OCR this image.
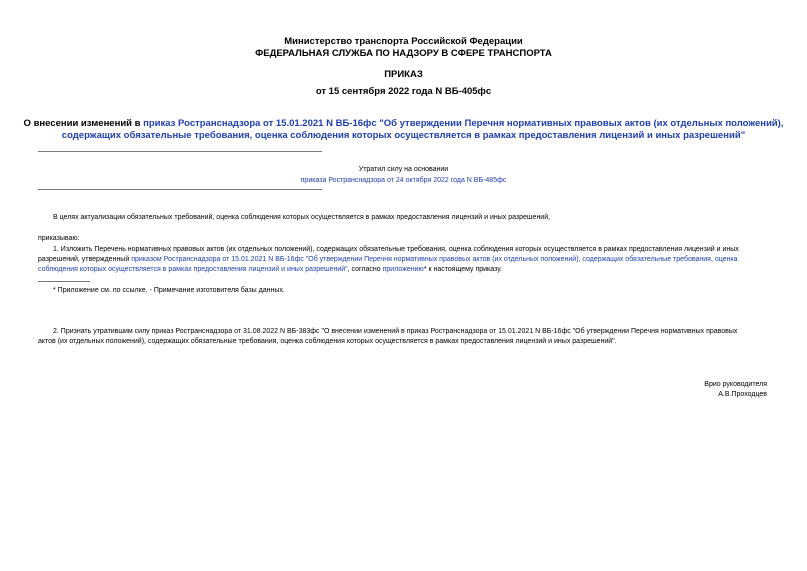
Министерство транспорта Российской Федерации
ФЕДЕРАЛЬНАЯ СЛУЖБА ПО НАДЗОРУ В СФЕРЕ ТРАНСПОРТА
ПРИКАЗ
от 15 сентября 2022 года N ВБ-405фс
О внесении изменений в приказ Ространснадзора от 15.01.2021 N ВБ-16фс "Об утверждении Перечня нормативных правовых актов (их отдельных положений),
содержащих обязательные требования, оценка соблюдения которых осуществляется в рамках предоставления лицензий и иных разрешений"
Утратил силу на основании
приказа Ространснадзора от 24 октября 2022 года N ВБ-485фс
В целях актуализации обязательных требований, оценка соблюдения которых осуществляется в рамках предоставления лицензий и иных разрешений,
приказываю:
1. Изложить Перечень нормативных правовых актов (их отдельных положений), содержащих обязательные требования, оценка соблюдения которых осуществляется в рамках предоставления лицензий и иных
разрешений, утвержденный приказом Ространснадзора от 15.01.2021 N ВБ-16фс "Об утверждении Перечня нормативных правовых актов (их отдельных положений), содержащих обязательные требования, оценка
соблюдения которых осуществляется в рамках предоставления лицензий и иных разрешений", согласно приложению* к настоящему приказу.
* Приложение см. по ссылке. - Примечание изготовителя базы данных.
2. Признать утратившим силу приказ Ространснадзора от 31.08.2022 N ВБ-383фс "О внесении изменений в приказ Ространснадзора от 15.01.2021 N ВБ-16фс "Об утверждении Перечня нормативных правовых
актов (их отдельных положений), содержащих обязательные требования, оценка соблюдения которых осуществляется в рамках предоставления лицензий и иных разрешений".
Врио руководителя
А.В.Проходцев
